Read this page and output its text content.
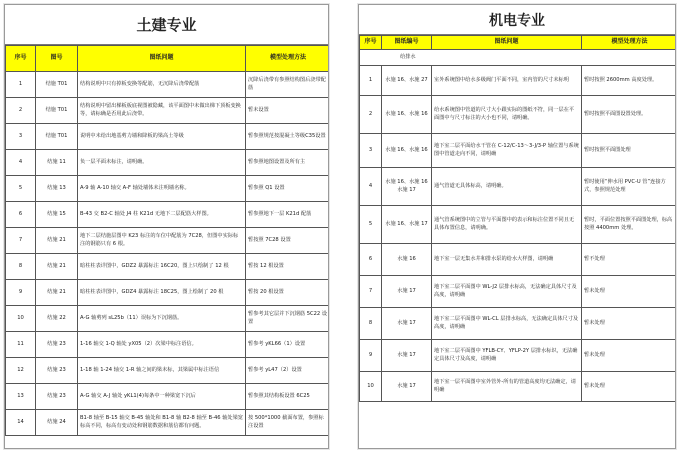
土建专业
序号	图号	图纸问题	模型处理方法
1	结施 T01	结构说明中只有掉板变换等配筋，无沉降后浇带配筋	沉降后浇带有参照结构图后浇带配筋
2	结施 T01	结构说明中留出梯板板底视图被隐藏，该平面图中未做出梯下顶板变换等，请标确是否用此后浇带。	暂未设置
3	结施 T01	说明中未给出地基剪力墙和降板的梁高土等级	暂参照规范按混凝土等级C35设置
4	结施 11	负一层平面未标注，请明确。	暂参照地图设置及所有主
5	结施 13	A-9 轴 A-10 轴交 A-F 轴处墙体未注明墙名称。	暂参照 Q1 设置
6	结施 15	B-43 交 B2-C 轴处 J4 柱 K21d 无地下二层配筋大样图。	暂参照地下一层 K21d 配筋
7	结施 21	地下二层结施层图中 K23 标注的车位中配筋为 7C28，但图中实际标注的钢筋只有 6 根。	暂按照 7C28 设置
8	结施 21	暗柱柱表详图中，GDZ2 暴露标注 16C20，图上只绘制了 12 根	暂按 12 根设置
9	结施 21	暗柱柱表详图中，GDZ4 暴露标注 18C25，图上绘制了 20 根	暂按 20 根设置
10	结施 22	A-G 轴剪列 sL25b（11）误标为下沉钢筋。	暂参考其它层并下沉钢筋 5C22 设置
11	结施 23	1-16 轴交 1-Q 轴处 yX05（2）次梁中标注语信。	暂参考 yKL66（1）设置
12	结施 23	1-18 轴 1-24 轴交 1-R 轴之间的梁未标，其梁属中标注语信	暂参考 yL47（2）设置
13	结施 23	A-G 轴交 A-J 轴处 yKL1(4)每条中一种梁宽下沉后	暂参照其结构板设置 6C25
14	结施 24	B1-8 轴至 B-15 轴交 B-45 轴处和 B1-8 轴 B2-8 轴至 B-46 轴处梁宽标高不同，标高有变动处和钢筋数据和筋信都有问题。	按 500*1000 截面布置，参照标注设置
机电专业
序号	图纸编号	图纸问题	模型处理方法
给排水			
1	水施 16、水施 27	室外系统图中给水多级阀门平面不同，室内管的尺寸未标明	暂时按照 2600mm 高度处理。
2	水施 16、水施 16	给水系统图中管道的尺寸大小跟实际的图纸不符，同一层在平面图中与尺寸标注的大小也不同，请明确。	暂时按照平面图设置处理。
3	水施 16、水施 16	地下室二层平面给水干管在 C-12/C-13～3-J/3-P 轴位置与系统图中管道走向不同，请明确	暂时按照平面图处理
4	水施 16、水施 16 水施 17	通气管道无具体标高，请明确。	暂时使用“伸水用 PVC-U 管”连接方式，参照规范处理
5	水施 16、水施 17	通气管系统图中的立管与平面图中的表示和标注位置不同且无具体布置信息，请明确。	暂时，平面位置按照平面图处理，标高按照 4400mm 处理。
6	水施 16	地下室一层无集水井和排水泵的给水大样图，请明确	暂不处理
7	水施 17	地下室二层平面图中 WL-J2 层排水标高，无法确定具体尺寸及高度，请明确	暂未处理
8	水施 17	地下室二层平面图中 WL-CL 层排水标高，无法确定具体尺寸及高度，请明确	暂未处理
9	水施 17	地下室二层平面图中 YFLB-CY、YFLP-2Y 层排水标识，无法确定具体尺寸及高度，请明确	暂未处理
10	水施 17	地下室一层平面图中室外管外-所有的管道高度均无法确定，请明确	暂未处理
